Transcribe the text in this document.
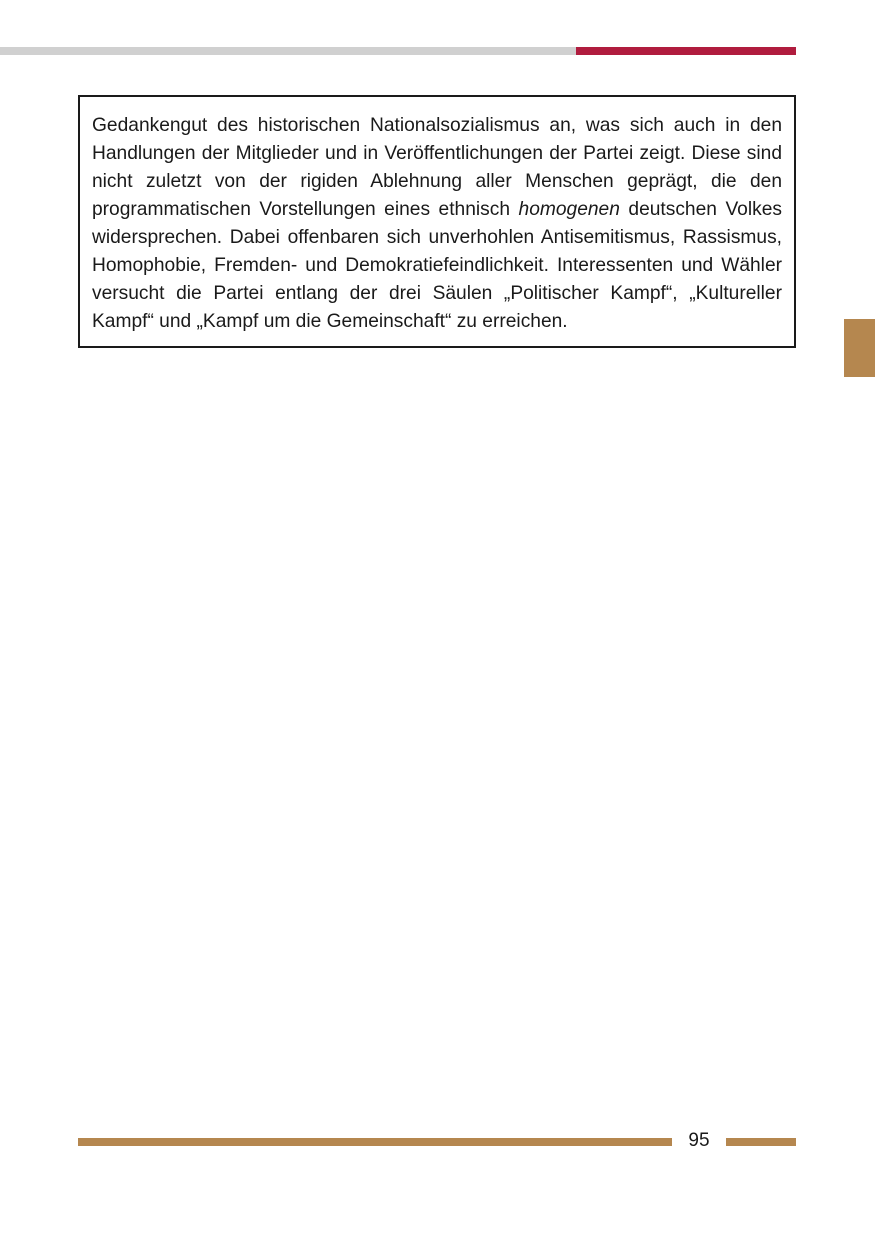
Gedankengut des historischen Nationalsozialismus an, was sich auch in den Handlungen der Mitglieder und in Veröffentlichungen der Partei zeigt. Diese sind nicht zuletzt von der rigiden Ablehnung aller Menschen geprägt, die den programmatischen Vorstellungen eines ethnisch homogenen deutschen Volkes widersprechen. Dabei offenbaren sich unverhohlen Antisemitismus, Rassismus, Homophobie, Fremden- und Demokratiefeindlichkeit. Interessenten und Wähler versucht die Partei entlang der drei Säulen „Politischer Kampf“, „Kultureller Kampf“ und „Kampf um die Gemeinschaft“ zu erreichen.

95
